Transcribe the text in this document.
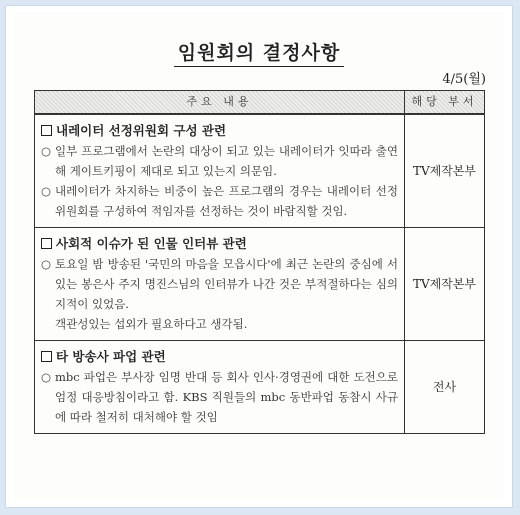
임원회의 결정사항
4/5(월)
주요 내용	해당 부서

내레이터 선정위원회 구성 관련
○ 일부 프로그램에서 논란의 대상이 되고 있는 내레이터가 잇따라 출연해 게이트키핑이 제대로 되고 있는지 의문임.
○ 내레이터가 차지하는 비중이 높은 프로그램의 경우는 내레이터 선정위원회를 구성하여 적임자를 선정하는 것이 바람직할 것임.	TV제작본부

사회적 이슈가 된 인물 인터뷰 관련
○ 토요일 밤 방송된 '국민의 마음을 모읍시다'에 최근 논란의 중심에 서있는 봉은사 주지 명진스님의 인터뷰가 나간 것은 부적절하다는 심의지적이 있었음.
객관성있는 섭외가 필요하다고 생각됨.	TV제작본부

타 방송사 파업 관련
○ mbc 파업은 부사장 임명 반대 등 회사 인사·경영권에 대한 도전으로 엄정 대응방침이라고 함. KBS 직원들의 mbc 동반파업 동참시 사규에 따라 철저히 대처해야 할 것임	전사
